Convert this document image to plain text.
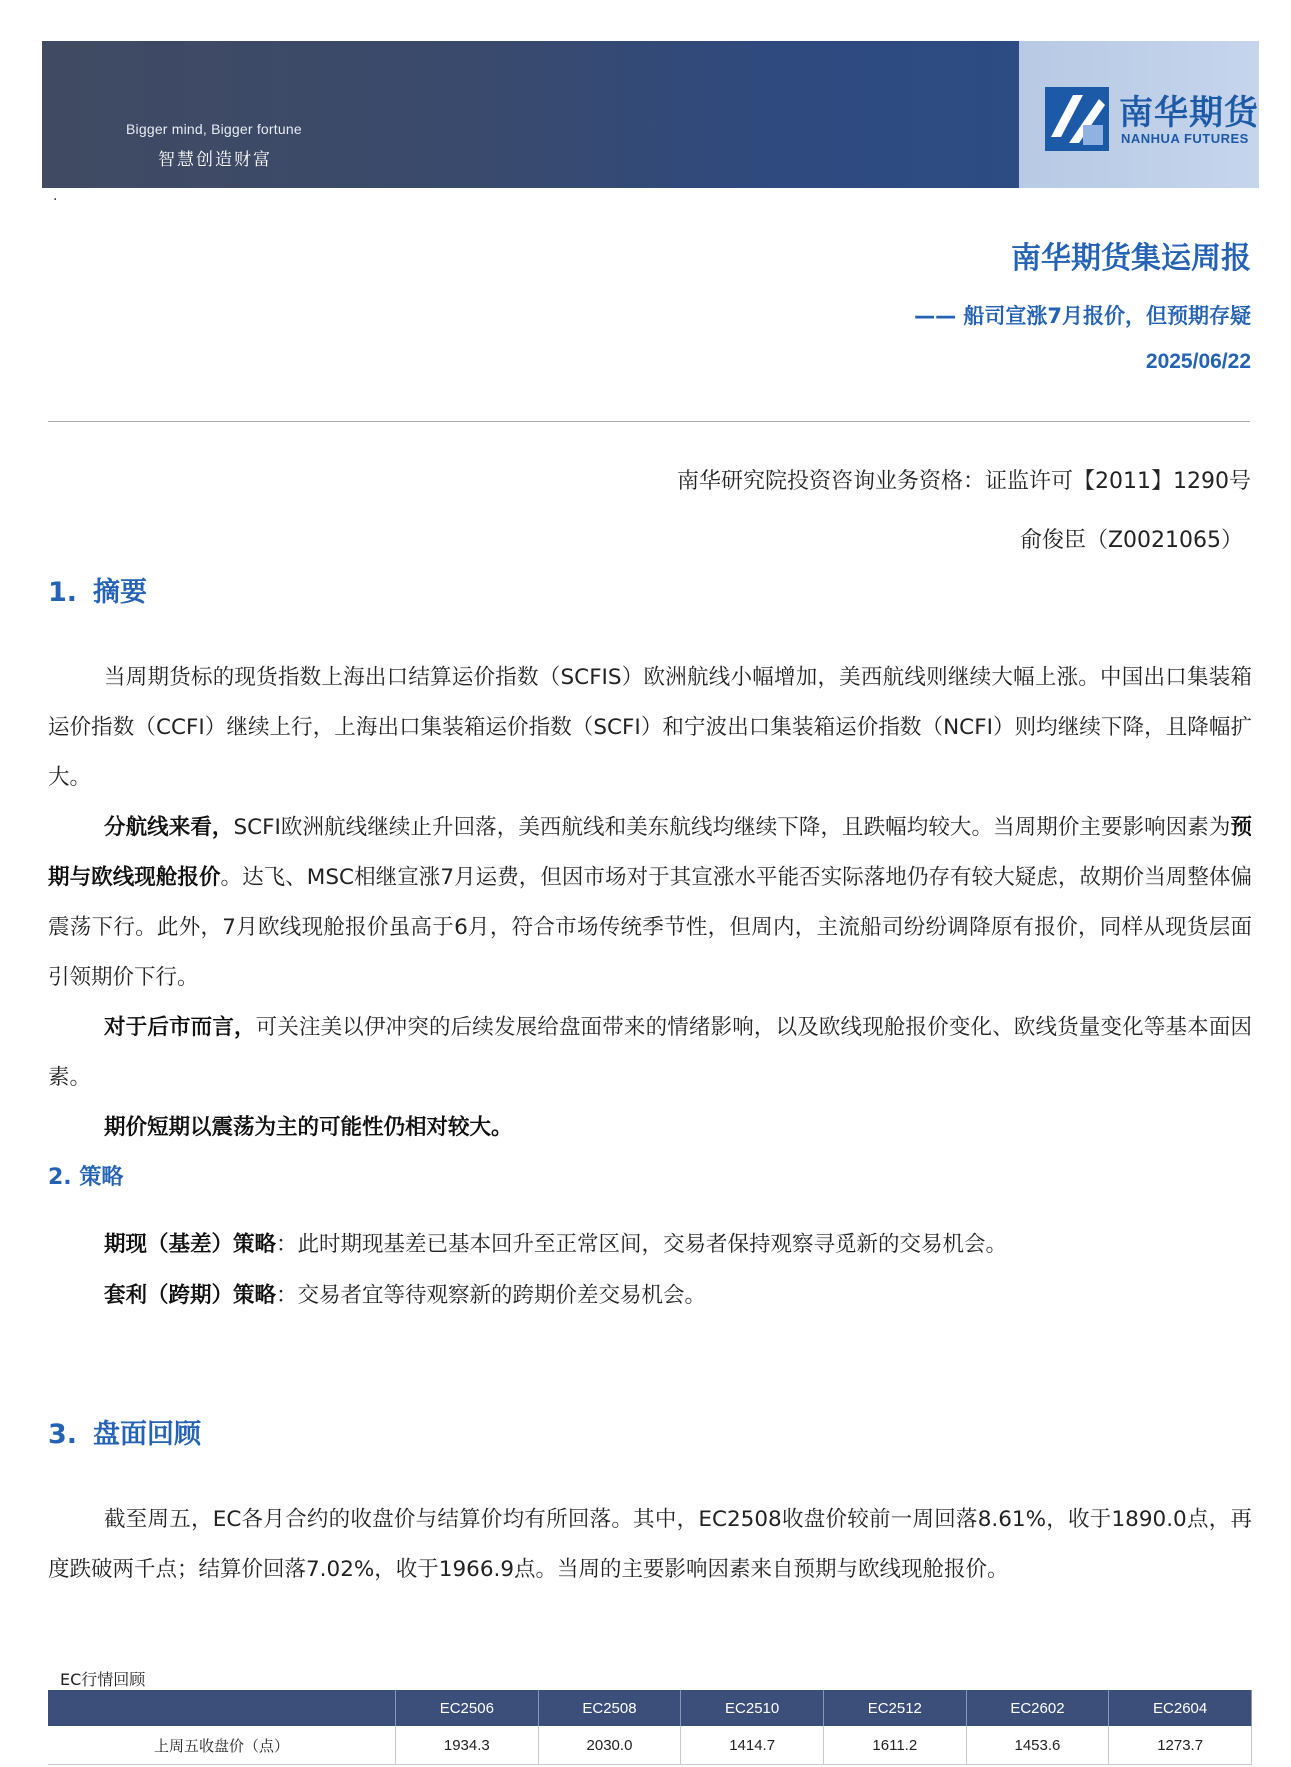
Bigger mind, Bigger fortune
智慧创造财富
南华期货
NANHUA FUTURES
·
南华期货集运周报
—— 船司宣涨7月报价，但预期存疑
2025/06/22
南华研究院投资咨询业务资格：证监许可【2011】1290号
俞俊臣（Z0021065）
1. 摘要
当周期货标的现货指数上海出口结算运价指数（SCFIS）欧洲航线小幅增加，美西航线则继续大幅上涨。中国出口集装箱运价指数（CCFI）继续上行，上海出口集装箱运价指数（SCFI）和宁波出口集装箱运价指数（NCFI）则均继续下降，且降幅扩大。
分航线来看，SCFI欧洲航线继续止升回落，美西航线和美东航线均继续下降，且跌幅均较大。当周期价主要影响因素为预期与欧线现舱报价。达飞、MSC相继宣涨7月运费，但因市场对于其宣涨水平能否实际落地仍存有较大疑虑，故期价当周整体偏震荡下行。此外，7月欧线现舱报价虽高于6月，符合市场传统季节性，但周内，主流船司纷纷调降原有报价，同样从现货层面引领期价下行。
对于后市而言，可关注美以伊冲突的后续发展给盘面带来的情绪影响，以及欧线现舱报价变化、欧线货量变化等基本面因素。
期价短期以震荡为主的可能性仍相对较大。
2. 策略
期现（基差）策略：此时期现基差已基本回升至正常区间，交易者保持观察寻觅新的交易机会。
套利（跨期）策略：交易者宜等待观察新的跨期价差交易机会。
3. 盘面回顾
截至周五，EC各月合约的收盘价与结算价均有所回落。其中，EC2508收盘价较前一周回落8.61%，收于1890.0点，再度跌破两千点；结算价回落7.02%，收于1966.9点。当周的主要影响因素来自预期与欧线现舱报价。
EC行情回顾
	EC2506	EC2508	EC2510	EC2512	EC2602	EC2604
上周五收盘价（点）	1934.3	2030.0	1414.7	1611.2	1453.6	1273.7
